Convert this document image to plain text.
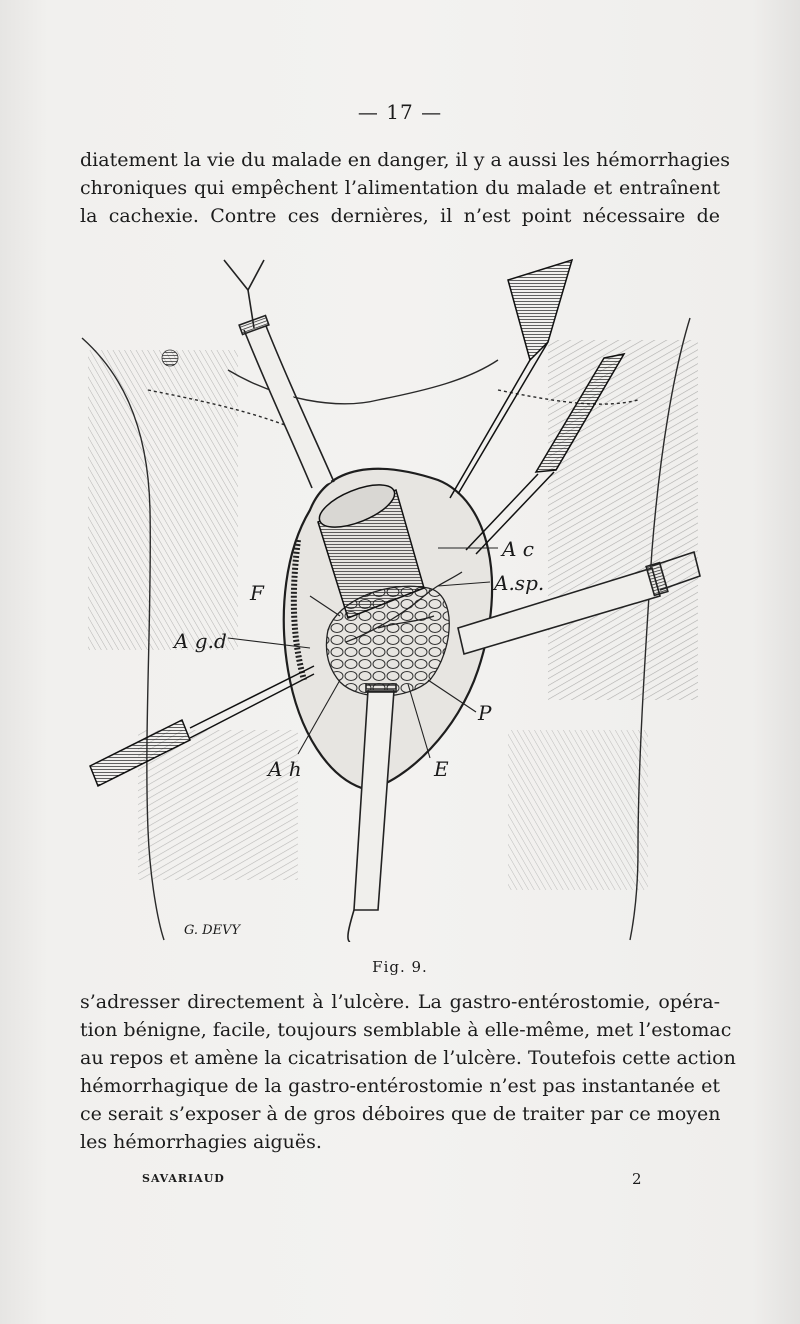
— 17 —
diatement la vie du malade en danger, il y a aussi les hémorrhagies
chroniques qui empêchent l’alimentation du malade et entraînent
la cachexie. Contre ces dernières, il n’est point nécessaire de
A c
A.sp.
F
A g.d
P
A h	E
G. DEVY
Fig. 9.
s’adresser directement à l’ulcère. La gastro-entérostomie, opéra-
tion bénigne, facile, toujours semblable à elle-même, met l’estomac
au repos et amène la cicatrisation de l’ulcère. Toutefois cette action
hémorrhagique de la gastro-entérostomie n’est pas instantanée et
ce serait s’exposer à de gros déboires que de traiter par ce moyen
les hémorrhagies aiguës.
SAVARIAUD	2
